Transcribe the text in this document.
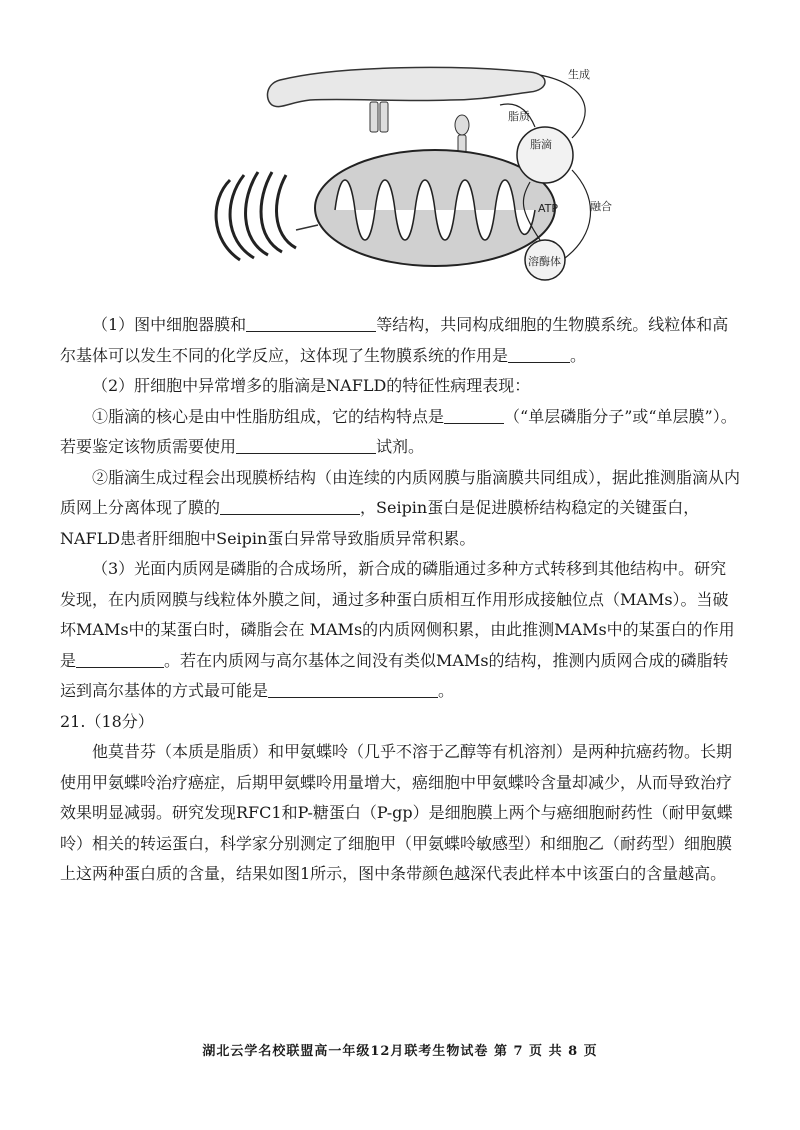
生成
脂质
脂滴
ATP	融合
溶酶体

（1）图中细胞器膜和	等结构，共同构成细胞的生物膜系统。线粒体和高尔基体可以发生不同的化学反应，这体现了生物膜系统的作用是	。

（2）肝细胞中异常增多的脂滴是NAFLD的特征性病理表现：

①脂滴的核心是由中性脂肪组成，它的结构特点是	（“单层磷脂分子”或“单层膜”）。若要鉴定该物质需要使用	试剂。

②脂滴生成过程会出现膜桥结构（由连续的内质网膜与脂滴膜共同组成），据此推测脂滴从内质网上分离体现了膜的	，Seipin蛋白是促进膜桥结构稳定的关键蛋白，NAFLD患者肝细胞中Seipin蛋白异常导致脂质异常积累。

（3）光面内质网是磷脂的合成场所，新合成的磷脂通过多种方式转移到其他结构中。研究发现，在内质网膜与线粒体外膜之间，通过多种蛋白质相互作用形成接触位点（MAMs）。当破坏MAMs中的某蛋白时，磷脂会在 MAMs的内质网侧积累，由此推测MAMs中的某蛋白的作用是	。若在内质网与高尔基体之间没有类似MAMs的结构，推测内质网合成的磷脂转运到高尔基体的方式最可能是	。

21.（18分）

他莫昔芬（本质是脂质）和甲氨蝶呤（几乎不溶于乙醇等有机溶剂）是两种抗癌药物。长期使用甲氨蝶呤治疗癌症，后期甲氨蝶呤用量增大，癌细胞中甲氨蝶呤含量却减少，从而导致治疗效果明显减弱。研究发现RFC1和P-糖蛋白（P-gp）是细胞膜上两个与癌细胞耐药性（耐甲氨蝶呤）相关的转运蛋白，科学家分别测定了细胞甲（甲氨蝶呤敏感型）和细胞乙（耐药型）细胞膜上这两种蛋白质的含量，结果如图1所示，图中条带颜色越深代表此样本中该蛋白的含量越高。

湖北云学名校联盟高一年级12月联考生物试卷 第 7 页 共 8 页
